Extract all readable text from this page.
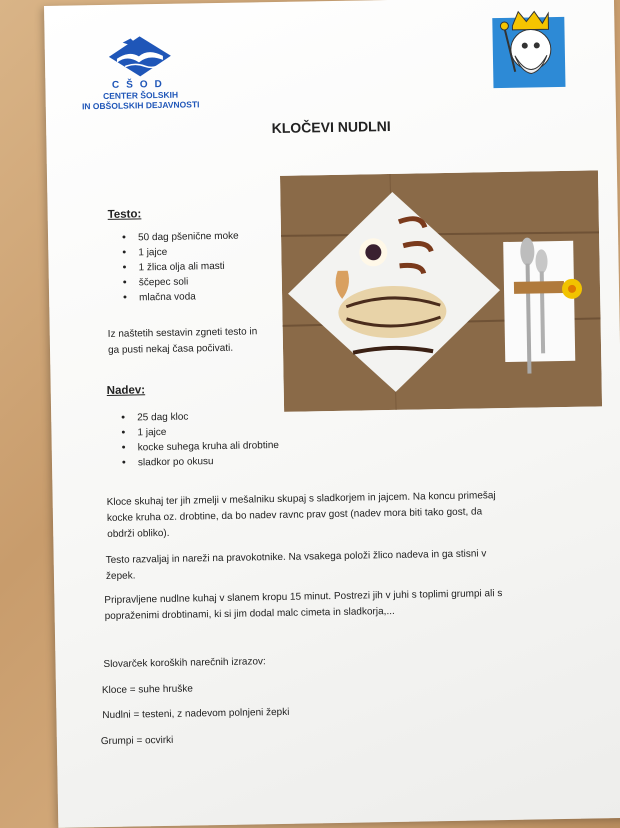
CŠOD
CENTER ŠOLSKIH
IN OBŠOLSKIH DEJAVNOSTI
KLOČEVI NUDLNI
Testo:
• 50 dag pšenične moke
• 1 jajce
• 1 žlica olja ali masti
• ščepec soli
• mlačna voda
Iz naštetih sestavin zgneti testo in
ga pusti nekaj časa počivati.
Nadev:
• 25 dag kloc
• 1 jajce
• kocke suhega kruha ali drobtine
• sladkor po okusu
Kloce skuhaj ter jih zmelji v mešalniku skupaj s sladkorjem in jajcem. Na koncu primešaj
kocke kruha oz. drobtine, da bo nadev ravnc prav gost (nadev mora biti tako gost, da
obdrži obliko).
Testo razvaljaj in nareži na pravokotnike. Na vsakega položi žlico nadeva in ga stisni v
žepek.
Pripravljene nudlne kuhaj v slanem kropu 15 minut. Postrezi jih v juhi s toplimi grumpi ali s
popraženimi drobtinami, ki si jim dodal malc cimeta in sladkorja,...
Slovarček koroških narečnih izrazov:
Kloce = suhe hruške
Nudlni = testeni, z nadevom polnjeni žepki
Grumpi = ocvirki
